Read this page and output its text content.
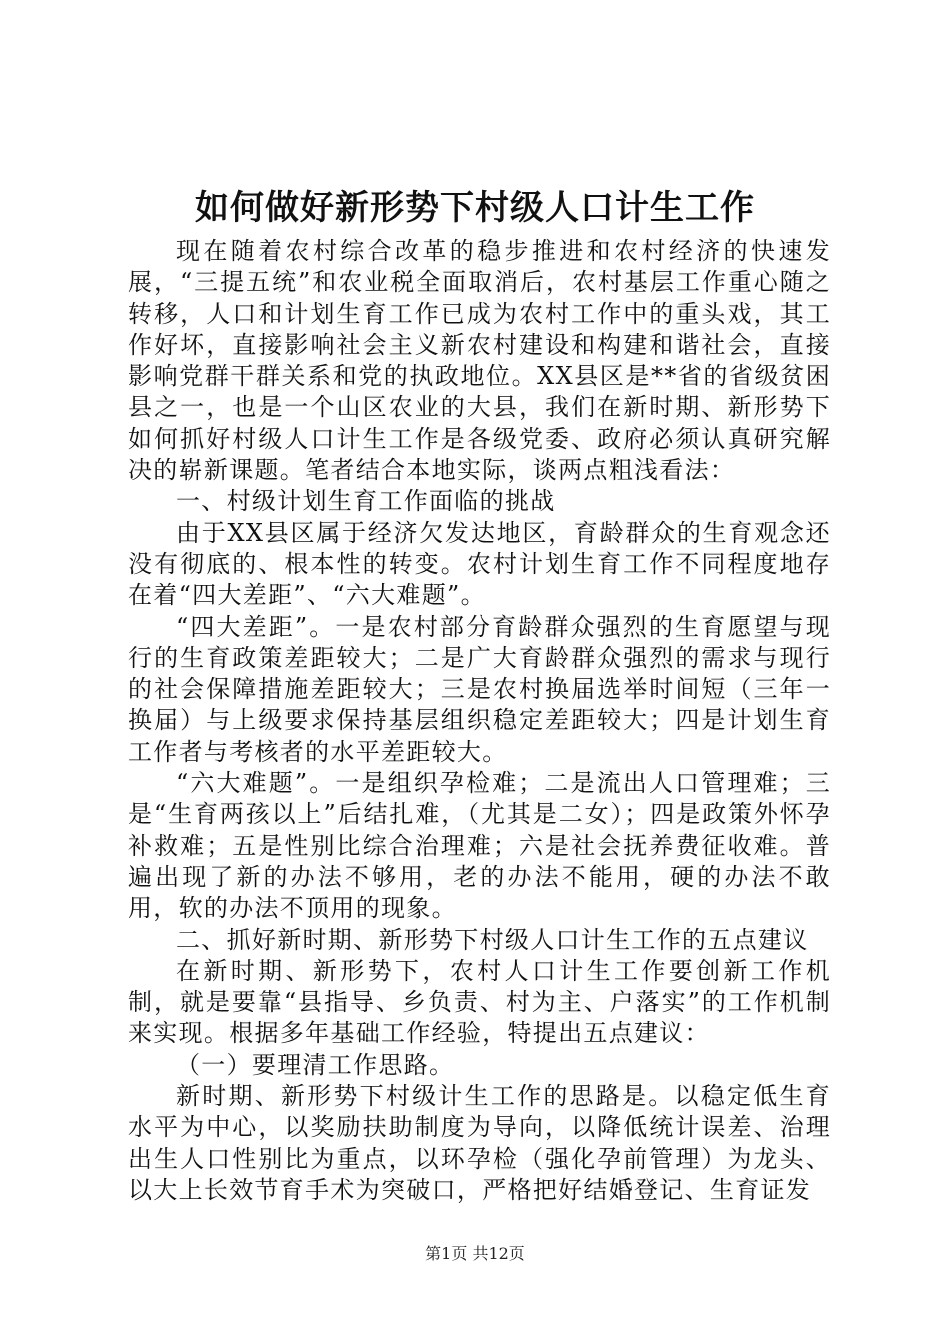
如何做好新形势下村级人口计生工作

现在随着农村综合改革的稳步推进和农村经济的快速发展，“三提五统”和农业税全面取消后，农村基层工作重心随之转移，人口和计划生育工作已成为农村工作中的重头戏，其工作好坏，直接影响社会主义新农村建设和构建和谐社会，直接影响党群干群关系和党的执政地位。XX县区是**省的省级贫困县之一，也是一个山区农业的大县，我们在新时期、新形势下如何抓好村级人口计生工作是各级党委、政府必须认真研究解决的崭新课题。笔者结合本地实际，谈两点粗浅看法：

一、村级计划生育工作面临的挑战

由于XX县区属于经济欠发达地区，育龄群众的生育观念还没有彻底的、根本性的转变。农村计划生育工作不同程度地存在着“四大差距”、“六大难题”。

“四大差距”。一是农村部分育龄群众强烈的生育愿望与现行的生育政策差距较大；二是广大育龄群众强烈的需求与现行的社会保障措施差距较大；三是农村换届选举时间短（三年一换届）与上级要求保持基层组织稳定差距较大；四是计划生育工作者与考核者的水平差距较大。

“六大难题”。一是组织孕检难；二是流出人口管理难；三是“生育两孩以上”后结扎难，（尤其是二女）；四是政策外怀孕补救难；五是性别比综合治理难；六是社会抚养费征收难。普遍出现了新的办法不够用，老的办法不能用，硬的办法不敢用，软的办法不顶用的现象。

二、抓好新时期、新形势下村级人口计生工作的五点建议

在新时期、新形势下，农村人口计生工作要创新工作机制，就是要靠“县指导、乡负责、村为主、户落实”的工作机制来实现。根据多年基础工作经验，特提出五点建议：

（一）要理清工作思路。

新时期、新形势下村级计生工作的思路是。以稳定低生育水平为中心，以奖励扶助制度为导向，以降低统计误差、治理出生人口性别比为重点，以环孕检（强化孕前管理）为龙头、以大上长效节育手术为突破口，严格把好结婚登记、生育证发

第1页 共12页
